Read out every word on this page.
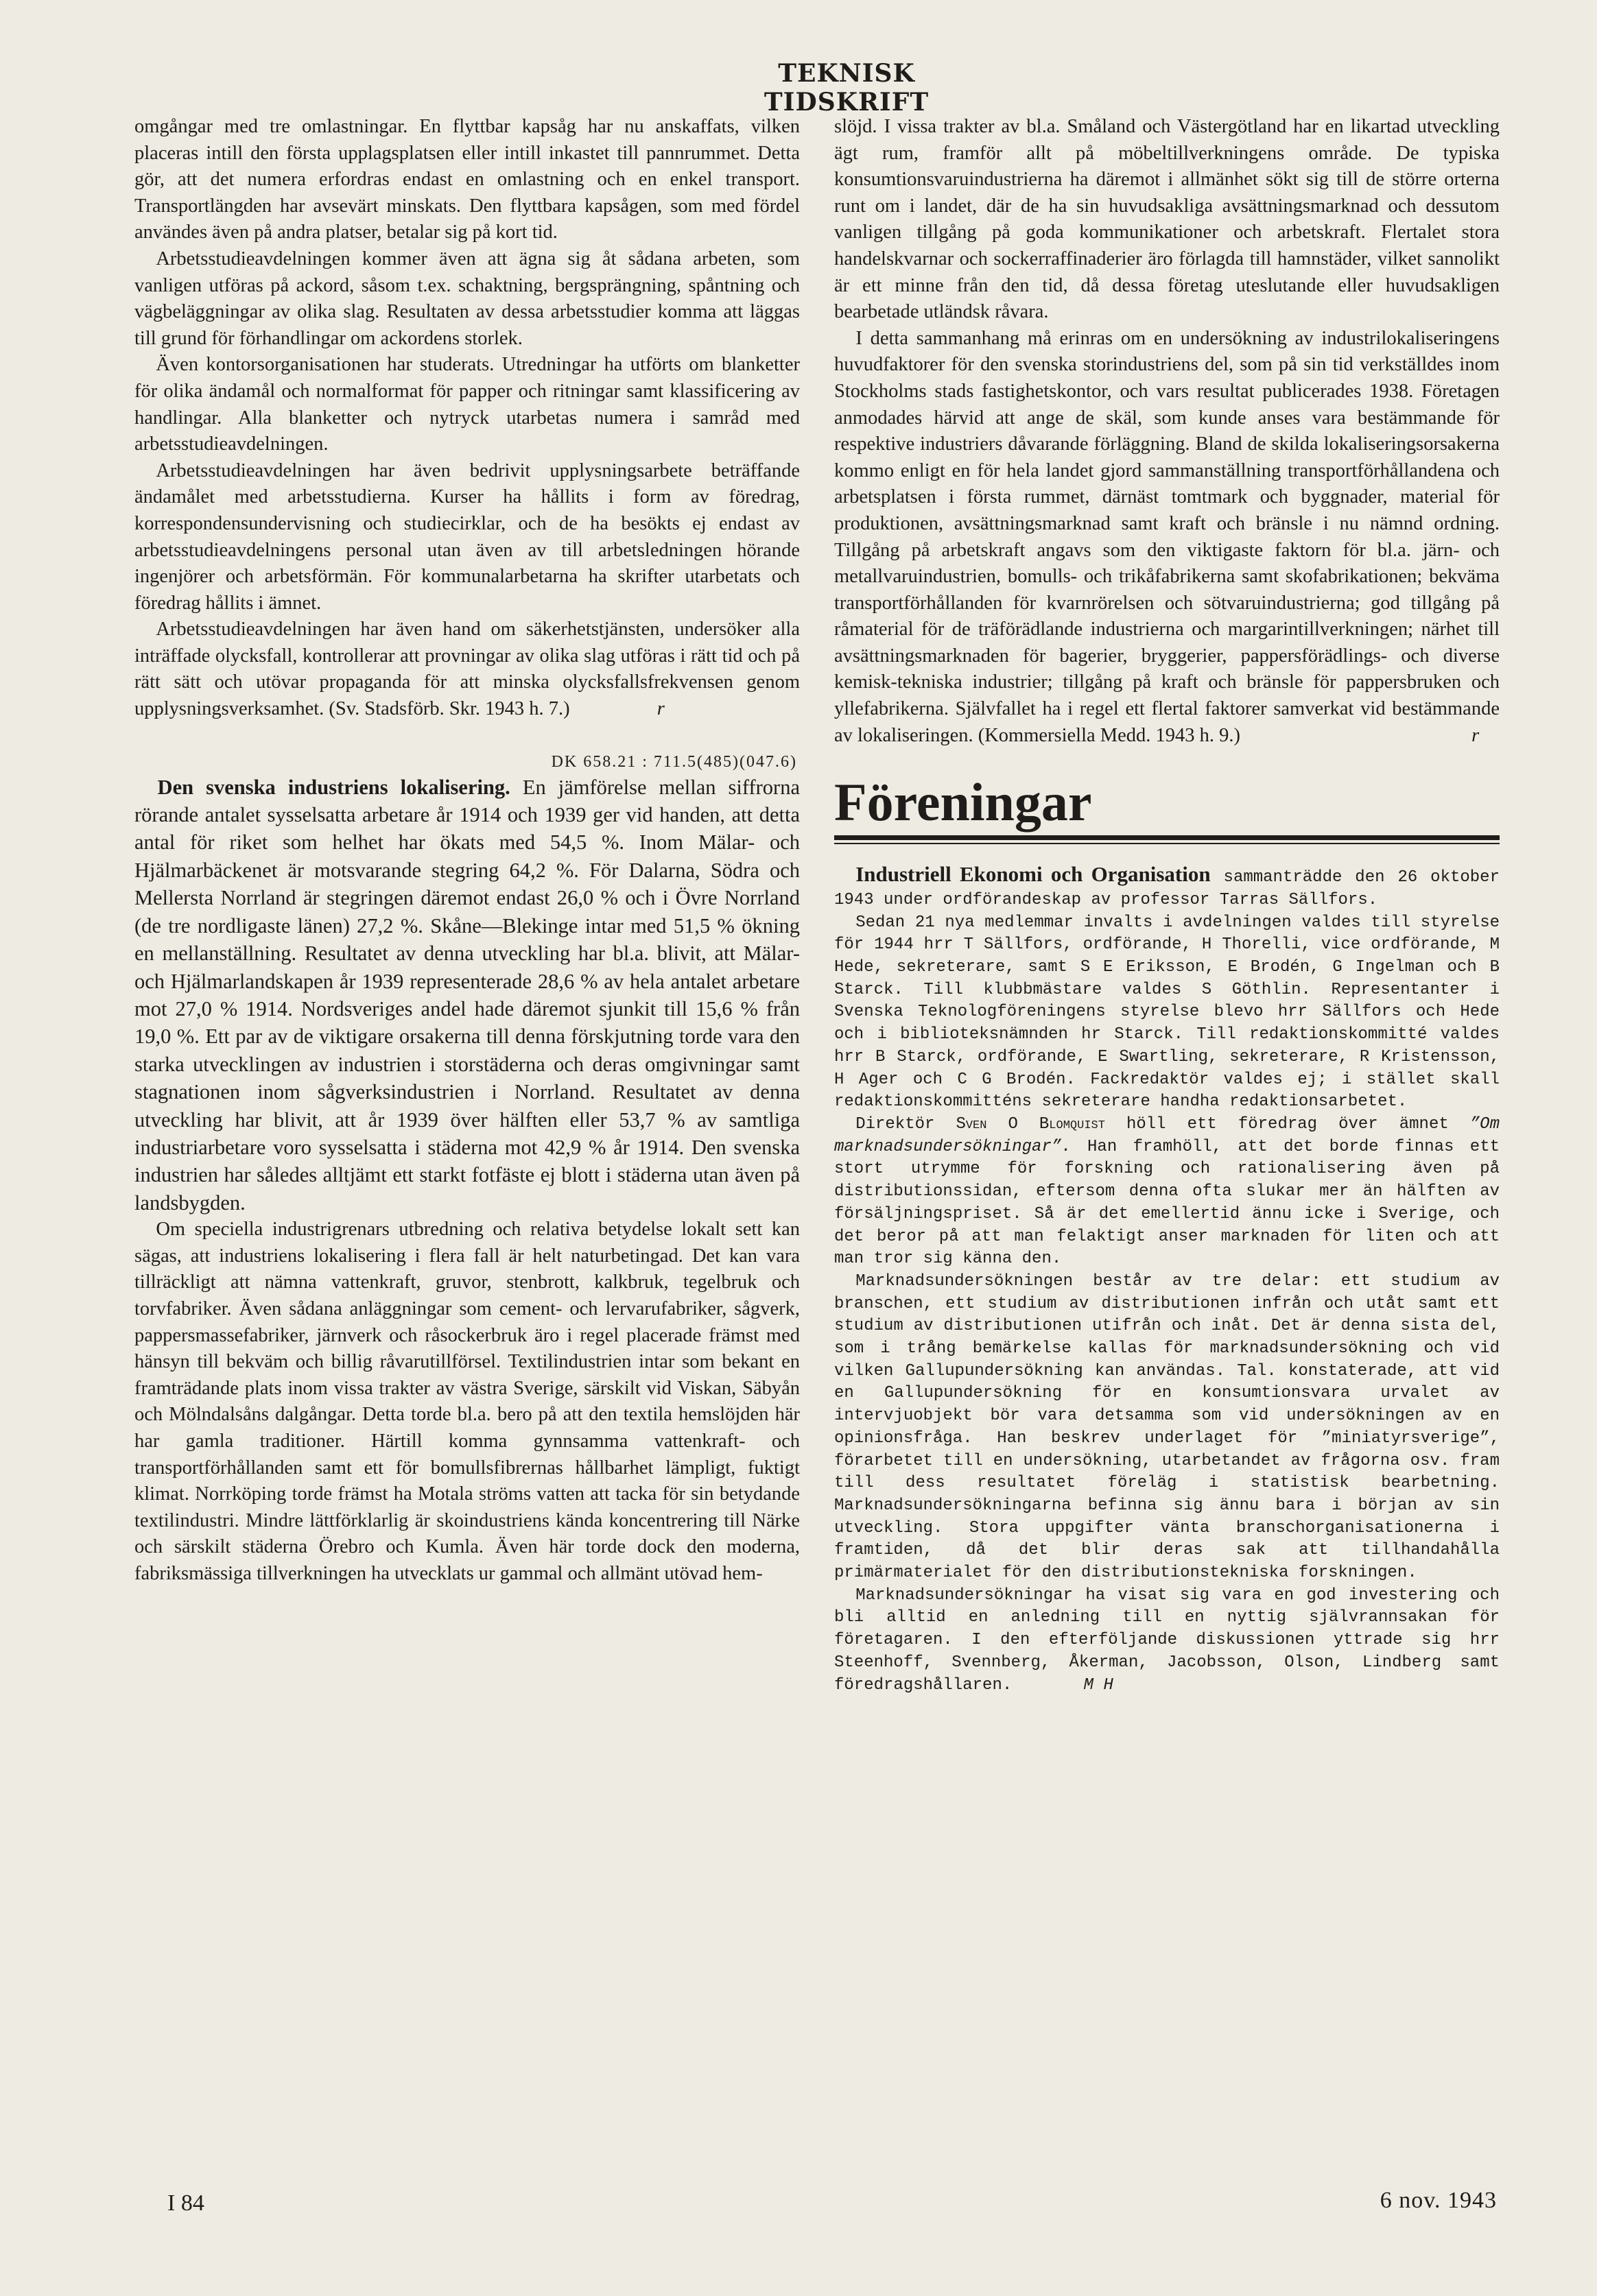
TEKNISK TIDSKRIFT

omgångar med tre omlastningar. En flyttbar kapsåg har nu anskaffats, vilken placeras intill den första upplagsplatsen eller intill inkastet till pannrummet. Detta gör, att det numera erfordras endast en omlastning och en enkel transport. Transportlängden har avsevärt minskats. Den flyttbara kapsågen, som med fördel användes även på andra platser, betalar sig på kort tid.

Arbetsstudieavdelningen kommer även att ägna sig åt sådana arbeten, som vanligen utföras på ackord, såsom t.ex. schaktning, bergsprängning, spåntning och vägbeläggningar av olika slag. Resultaten av dessa arbetsstudier komma att läggas till grund för förhandlingar om ackordens storlek.

Även kontorsorganisationen har studerats. Utredningar ha utförts om blanketter för olika ändamål och normalformat för papper och ritningar samt klassificering av handlingar. Alla blanketter och nytryck utarbetas numera i samråd med arbetsstudieavdelningen.

Arbetsstudieavdelningen har även bedrivit upplysningsarbete beträffande ändamålet med arbetsstudierna. Kurser ha hållits i form av föredrag, korrespondensundervisning och studiecirklar, och de ha besökts ej endast av arbetsstudieavdelningens personal utan även av till arbetsledningen hörande ingenjörer och arbetsförmän. För kommunalarbetarna ha skrifter utarbetats och föredrag hållits i ämnet.

Arbetsstudieavdelningen har även hand om säkerhetstjänsten, undersöker alla inträffade olycksfall, kontrollerar att provningar av olika slag utföras i rätt tid och på rätt sätt och utövar propaganda för att minska olycksfallsfrekvensen genom upplysningsverksamhet. (Sv. Stadsförb. Skr. 1943 h. 7.)	r

DK 658.21 : 711.5(485)(047.6)

Den svenska industriens lokalisering. En jämförelse mellan siffrorna rörande antalet sysselsatta arbetare år 1914 och 1939 ger vid handen, att detta antal för riket som helhet har ökats med 54,5 %. Inom Mälar- och Hjälmarbäckenet är motsvarande stegring 64,2 %. För Dalarna, Södra och Mellersta Norrland är stegringen däremot endast 26,0 % och i Övre Norrland (de tre nordligaste länen) 27,2 %. Skåne—Blekinge intar med 51,5 % ökning en mellanställning. Resultatet av denna utveckling har bl.a. blivit, att Mälar- och Hjälmarlandskapen år 1939 representerade 28,6 % av hela antalet arbetare mot 27,0 % 1914. Nordsveriges andel hade däremot sjunkit till 15,6 % från 19,0 %. Ett par av de viktigare orsakerna till denna förskjutning torde vara den starka utvecklingen av industrien i storstäderna och deras omgivningar samt stagnationen inom sågverksindustrien i Norrland. Resultatet av denna utveckling har blivit, att år 1939 över hälften eller 53,7 % av samtliga industriarbetare voro sysselsatta i städerna mot 42,9 % år 1914. Den svenska industrien har således alltjämt ett starkt fotfäste ej blott i städerna utan även på landsbygden.

Om speciella industrigrenars utbredning och relativa betydelse lokalt sett kan sägas, att industriens lokalisering i flera fall är helt naturbetingad. Det kan vara tillräckligt att nämna vattenkraft, gruvor, stenbrott, kalkbruk, tegelbruk och torvfabriker. Även sådana anläggningar som cement- och lervarufabriker, sågverk, pappersmassefabriker, järnverk och råsockerbruk äro i regel placerade främst med hänsyn till bekväm och billig råvarutillförsel. Textilindustrien intar som bekant en framträdande plats inom vissa trakter av västra Sverige, särskilt vid Viskan, Säbyån och Mölndalsåns dalgångar. Detta torde bl.a. bero på att den textila hemslöjden här har gamla traditioner. Härtill komma gynnsamma vattenkraft- och transportförhållanden samt ett för bomullsfibrernas hållbarhet lämpligt, fuktigt klimat. Norrköping torde främst ha Motala ströms vatten att tacka för sin betydande textilindustri. Mindre lättförklarlig är skoindustriens kända koncentrering till Närke och särskilt städerna Örebro och Kumla. Även här torde dock den moderna, fabriksmässiga tillverkningen ha utvecklats ur gammal och allmänt utövad hem-

slöjd. I vissa trakter av bl.a. Småland och Västergötland har en likartad utveckling ägt rum, framför allt på möbeltillverkningens område. De typiska konsumtionsvaruindustrierna ha däremot i allmänhet sökt sig till de större orterna runt om i landet, där de ha sin huvudsakliga avsättningsmarknad och dessutom vanligen tillgång på goda kommunikationer och arbetskraft. Flertalet stora handelskvarnar och sockerraffinaderier äro förlagda till hamnstäder, vilket sannolikt är ett minne från den tid, då dessa företag uteslutande eller huvudsakligen bearbetade utländsk råvara.

I detta sammanhang må erinras om en undersökning av industrilokaliseringens huvudfaktorer för den svenska storindustriens del, som på sin tid verkställdes inom Stockholms stads fastighetskontor, och vars resultat publicerades 1938. Företagen anmodades härvid att ange de skäl, som kunde anses vara bestämmande för respektive industriers dåvarande förläggning. Bland de skilda lokaliseringsorsakerna kommo enligt en för hela landet gjord sammanställning transportförhållandena och arbetsplatsen i första rummet, därnäst tomtmark och byggnader, material för produktionen, avsättningsmarknad samt kraft och bränsle i nu nämnd ordning. Tillgång på arbetskraft angavs som den viktigaste faktorn för bl.a. järn- och metallvaruindustrien, bomulls- och trikåfabrikerna samt skofabrikationen; bekväma transportförhållanden för kvarnrörelsen och sötvaruindustrierna; god tillgång på råmaterial för de träförädlande industrierna och margarintillverkningen; närhet till avsättningsmarknaden för bagerier, bryggerier, pappersförädlings- och diverse kemisk-tekniska industrier; tillgång på kraft och bränsle för pappersbruken och yllefabrikerna. Självfallet ha i regel ett flertal faktorer samverkat vid bestämmande av lokaliseringen. (Kommersiella Medd. 1943 h. 9.)	r

Föreningar

Industriell Ekonomi och Organisation sammanträdde den 26 oktober 1943 under ordförandeskap av professor Tarras Sällfors.

Sedan 21 nya medlemmar invalts i avdelningen valdes till styrelse för 1944 hrr T Sällfors, ordförande, H Thorelli, vice ordförande, M Hede, sekreterare, samt S E Eriksson, E Brodén, G Ingelman och B Starck. Till klubbmästare valdes S Göthlin. Representanter i Svenska Teknologföreningens styrelse blevo hrr Sällfors och Hede och i biblioteksnämnden hr Starck. Till redaktionskommitté valdes hrr B Starck, ordförande, E Swartling, sekreterare, R Kristensson, H Ager och C G Brodén. Fackredaktör valdes ej; i stället skall redaktionskommitténs sekreterare handha redaktionsarbetet.

Direktör Sven O Blomquist höll ett föredrag över ämnet ”Om marknadsundersökningar”. Han framhöll, att det borde finnas ett stort utrymme för forskning och rationalisering även på distributionssidan, eftersom denna ofta slukar mer än hälften av försäljningspriset. Så är det emellertid ännu icke i Sverige, och det beror på att man felaktigt anser marknaden för liten och att man tror sig känna den.

Marknadsundersökningen består av tre delar: ett studium av branschen, ett studium av distributionen infrån och utåt samt ett studium av distributionen utifrån och inåt. Det är denna sista del, som i trång bemärkelse kallas för marknadsundersökning och vid vilken Gallupundersökning kan användas. Tal. konstaterade, att vid en Gallupundersökning för en konsumtionsvara urvalet av intervjuobjekt bör vara detsamma som vid undersökningen av en opinionsfråga. Han beskrev underlaget för ”miniatyrsverige”, förarbetet till en undersökning, utarbetandet av frågorna osv. fram till dess resultatet föreläg i statistisk bearbetning. Marknadsundersökningarna befinna sig ännu bara i början av sin utveckling. Stora uppgifter vänta branschorganisationerna i framtiden, då det blir deras sak att tillhandahålla primärmaterialet för den distributionstekniska forskningen.

Marknadsundersökningar ha visat sig vara en god investering och bli alltid en anledning till en nyttig självrannsakan för företagaren. I den efterföljande diskussionen yttrade sig hrr Steenhoff, Svennberg, Åkerman, Jacobsson, Olson, Lindberg samt föredragshållaren.	M H

I 84	6 nov. 1943
